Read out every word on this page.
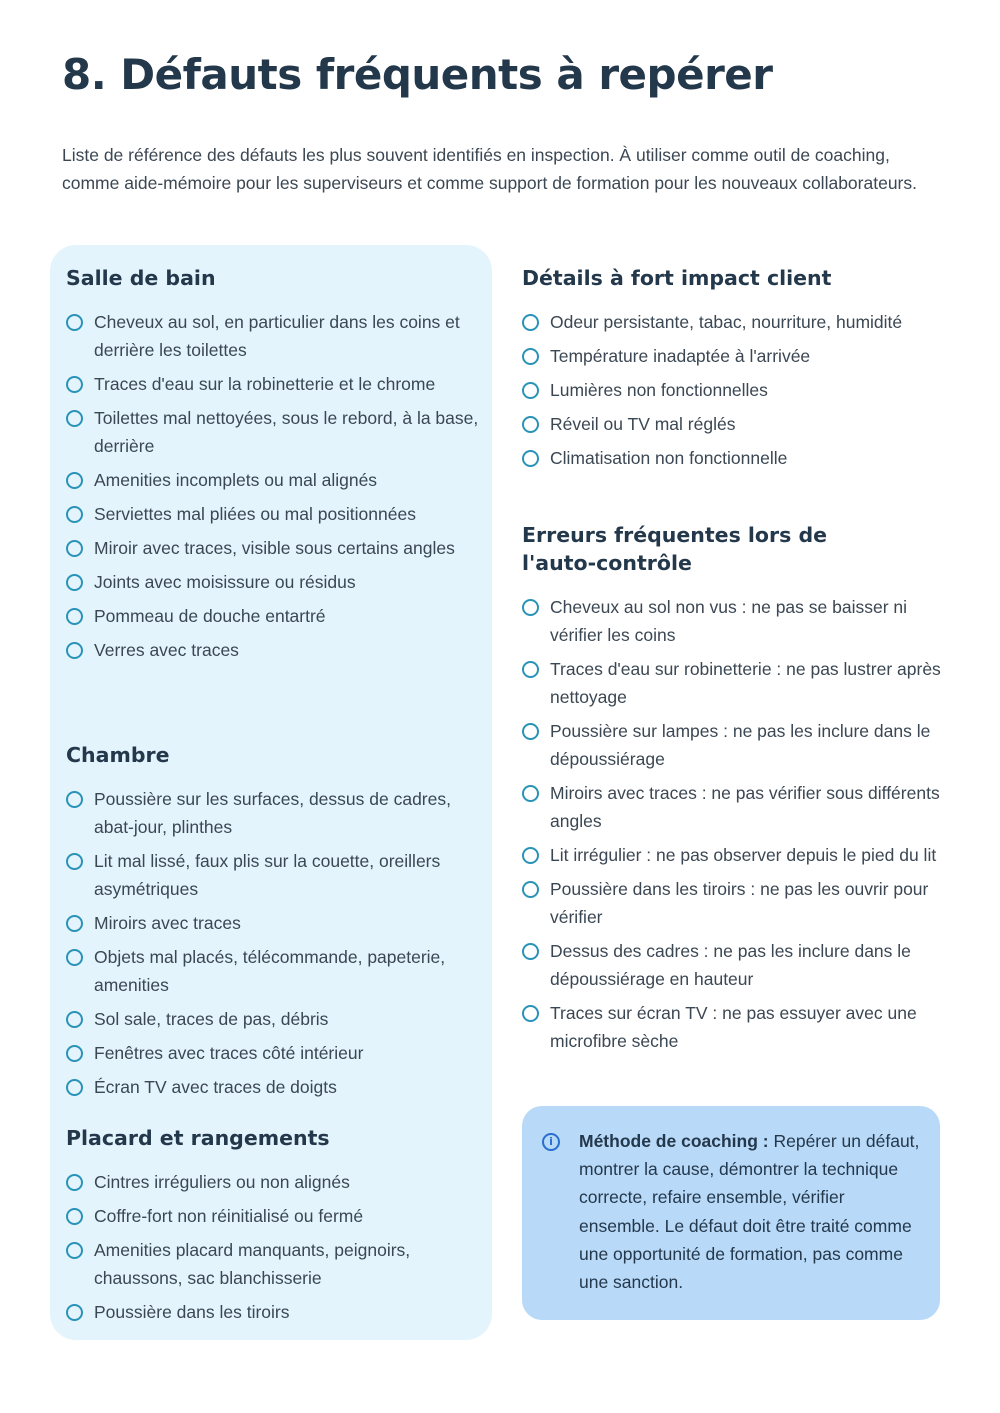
8. Défauts fréquents à repérer

Liste de référence des défauts les plus souvent identifiés en inspection. À utiliser comme outil de coaching, comme aide-mémoire pour les superviseurs et comme support de formation pour les nouveaux collaborateurs.

Salle de bain
Cheveux au sol, en particulier dans les coins et derrière les toilettes
Traces d'eau sur la robinetterie et le chrome
Toilettes mal nettoyées, sous le rebord, à la base, derrière
Amenities incomplets ou mal alignés
Serviettes mal pliées ou mal positionnées
Miroir avec traces, visible sous certains angles
Joints avec moisissure ou résidus
Pommeau de douche entartré
Verres avec traces
Chambre
Poussière sur les surfaces, dessus de cadres, abat-jour, plinthes
Lit mal lissé, faux plis sur la couette, oreillers asymétriques
Miroirs avec traces
Objets mal placés, télécommande, papeterie, amenities
Sol sale, traces de pas, débris
Fenêtres avec traces côté intérieur
Écran TV avec traces de doigts
Placard et rangements
Cintres irréguliers ou non alignés
Coffre-fort non réinitialisé ou fermé
Amenities placard manquants, peignoirs, chaussons, sac blanchisserie
Poussière dans les tiroirs
Détails à fort impact client
Odeur persistante, tabac, nourriture, humidité
Température inadaptée à l'arrivée
Lumières non fonctionnelles
Réveil ou TV mal réglés
Climatisation non fonctionnelle
Erreurs fréquentes lors de l'auto-contrôle
Cheveux au sol non vus : ne pas se baisser ni vérifier les coins
Traces d'eau sur robinetterie : ne pas lustrer après nettoyage
Poussière sur lampes : ne pas les inclure dans le dépoussiérage
Miroirs avec traces : ne pas vérifier sous différents angles
Lit irrégulier : ne pas observer depuis le pied du lit
Poussière dans les tiroirs : ne pas les ouvrir pour vérifier
Dessus des cadres : ne pas les inclure dans le dépoussiérage en hauteur
Traces sur écran TV : ne pas essuyer avec une microfibre sèche
i	Méthode de coaching : Repérer un défaut, montrer la cause, démontrer la technique correcte, refaire ensemble, vérifier ensemble. Le défaut doit être traité comme une opportunité de formation, pas comme une sanction.
